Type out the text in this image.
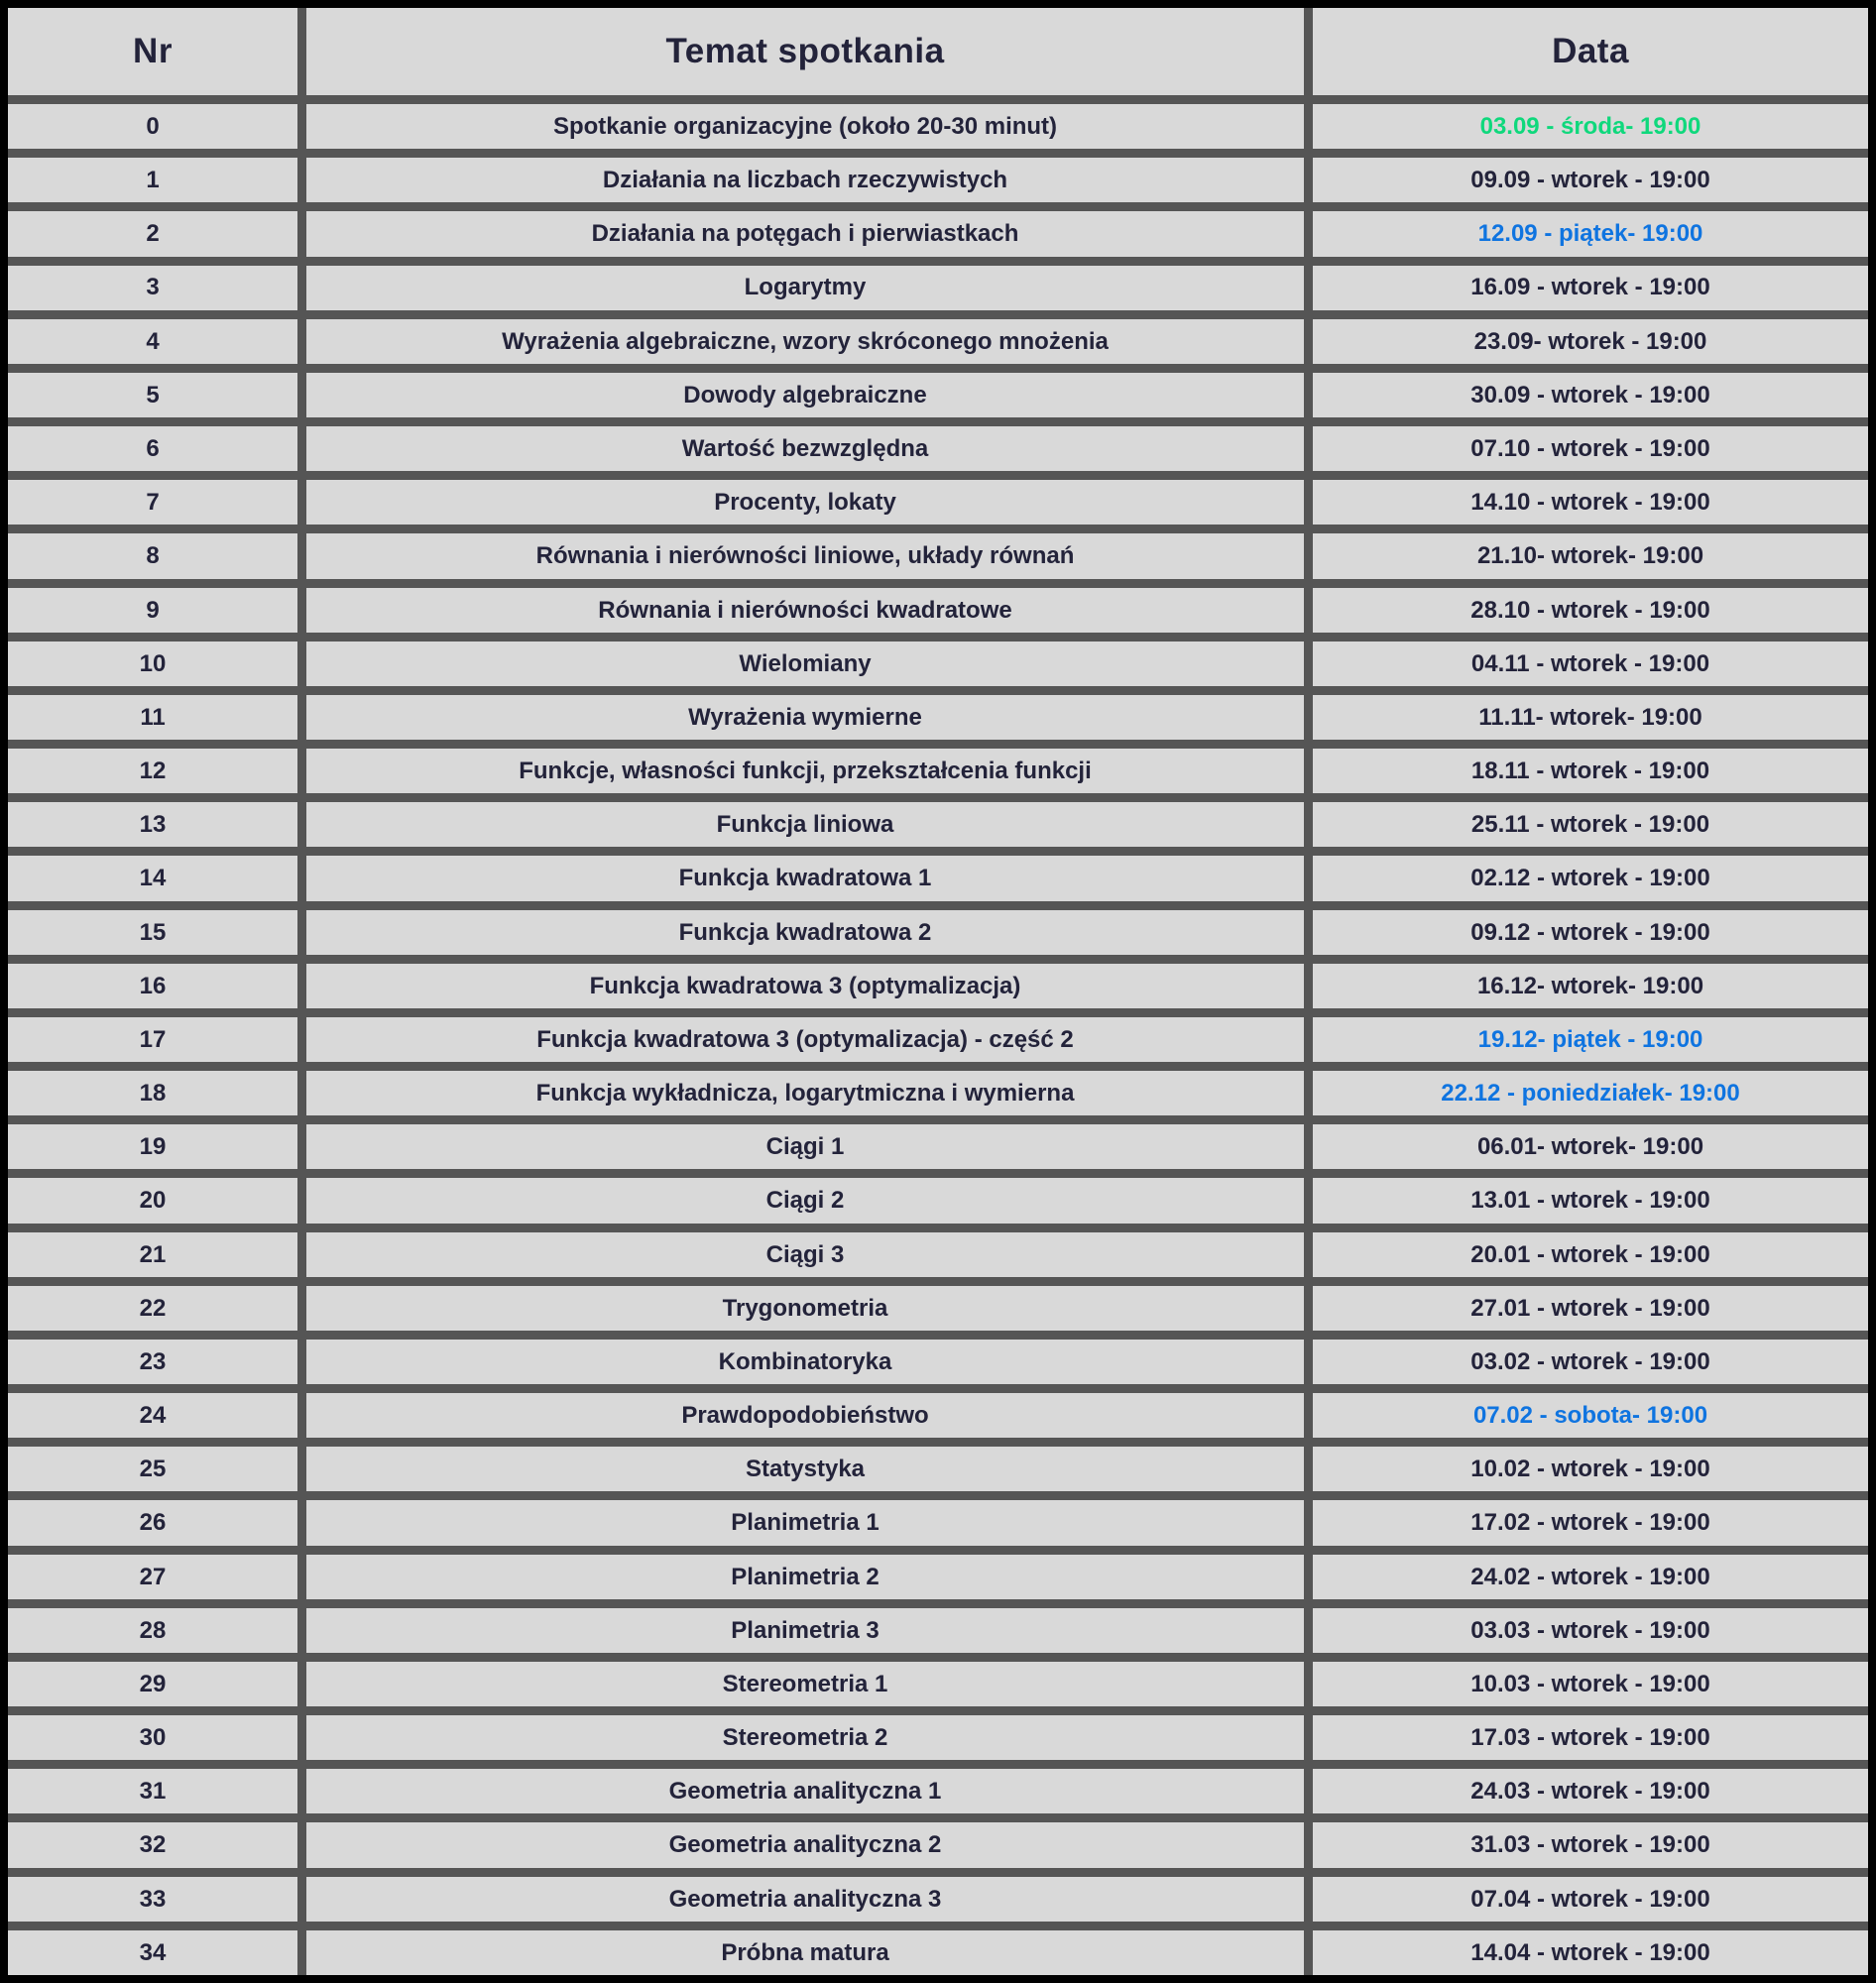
Nr	Temat spotkania	Data
0	Spotkanie organizacyjne (około 20-30 minut)	03.09 - środa- 19:00
1	Działania na liczbach rzeczywistych	09.09 - wtorek - 19:00
2	Działania na potęgach i pierwiastkach	12.09 - piątek- 19:00
3	Logarytmy	16.09 - wtorek - 19:00
4	Wyrażenia algebraiczne, wzory skróconego mnożenia	23.09- wtorek - 19:00
5	Dowody algebraiczne	30.09 - wtorek - 19:00
6	Wartość bezwzględna	07.10 - wtorek - 19:00
7	Procenty, lokaty	14.10 - wtorek - 19:00
8	Równania i nierówności liniowe, układy równań	21.10- wtorek- 19:00
9	Równania i nierówności kwadratowe	28.10 - wtorek - 19:00
10	Wielomiany	04.11 - wtorek - 19:00
11	Wyrażenia wymierne	11.11- wtorek- 19:00
12	Funkcje, własności funkcji, przekształcenia funkcji	18.11 - wtorek - 19:00
13	Funkcja liniowa	25.11 - wtorek - 19:00
14	Funkcja kwadratowa 1	02.12 - wtorek - 19:00
15	Funkcja kwadratowa 2	09.12 - wtorek - 19:00
16	Funkcja kwadratowa 3 (optymalizacja)	16.12- wtorek- 19:00
17	Funkcja kwadratowa 3 (optymalizacja) - część 2	19.12- piątek - 19:00
18	Funkcja wykładnicza, logarytmiczna i wymierna	22.12 - poniedziałek- 19:00
19	Ciągi 1	06.01- wtorek- 19:00
20	Ciągi 2	13.01 - wtorek - 19:00
21	Ciągi 3	20.01 - wtorek - 19:00
22	Trygonometria	27.01 - wtorek - 19:00
23	Kombinatoryka	03.02 - wtorek - 19:00
24	Prawdopodobieństwo	07.02 - sobota- 19:00
25	Statystyka	10.02 - wtorek - 19:00
26	Planimetria 1	17.02 - wtorek - 19:00
27	Planimetria 2	24.02 - wtorek - 19:00
28	Planimetria 3	03.03 - wtorek - 19:00
29	Stereometria 1	10.03 - wtorek - 19:00
30	Stereometria 2	17.03 - wtorek - 19:00
31	Geometria analityczna 1	24.03 - wtorek - 19:00
32	Geometria analityczna 2	31.03 - wtorek - 19:00
33	Geometria analityczna 3	07.04 - wtorek - 19:00
34	Próbna matura	14.04 - wtorek - 19:00
